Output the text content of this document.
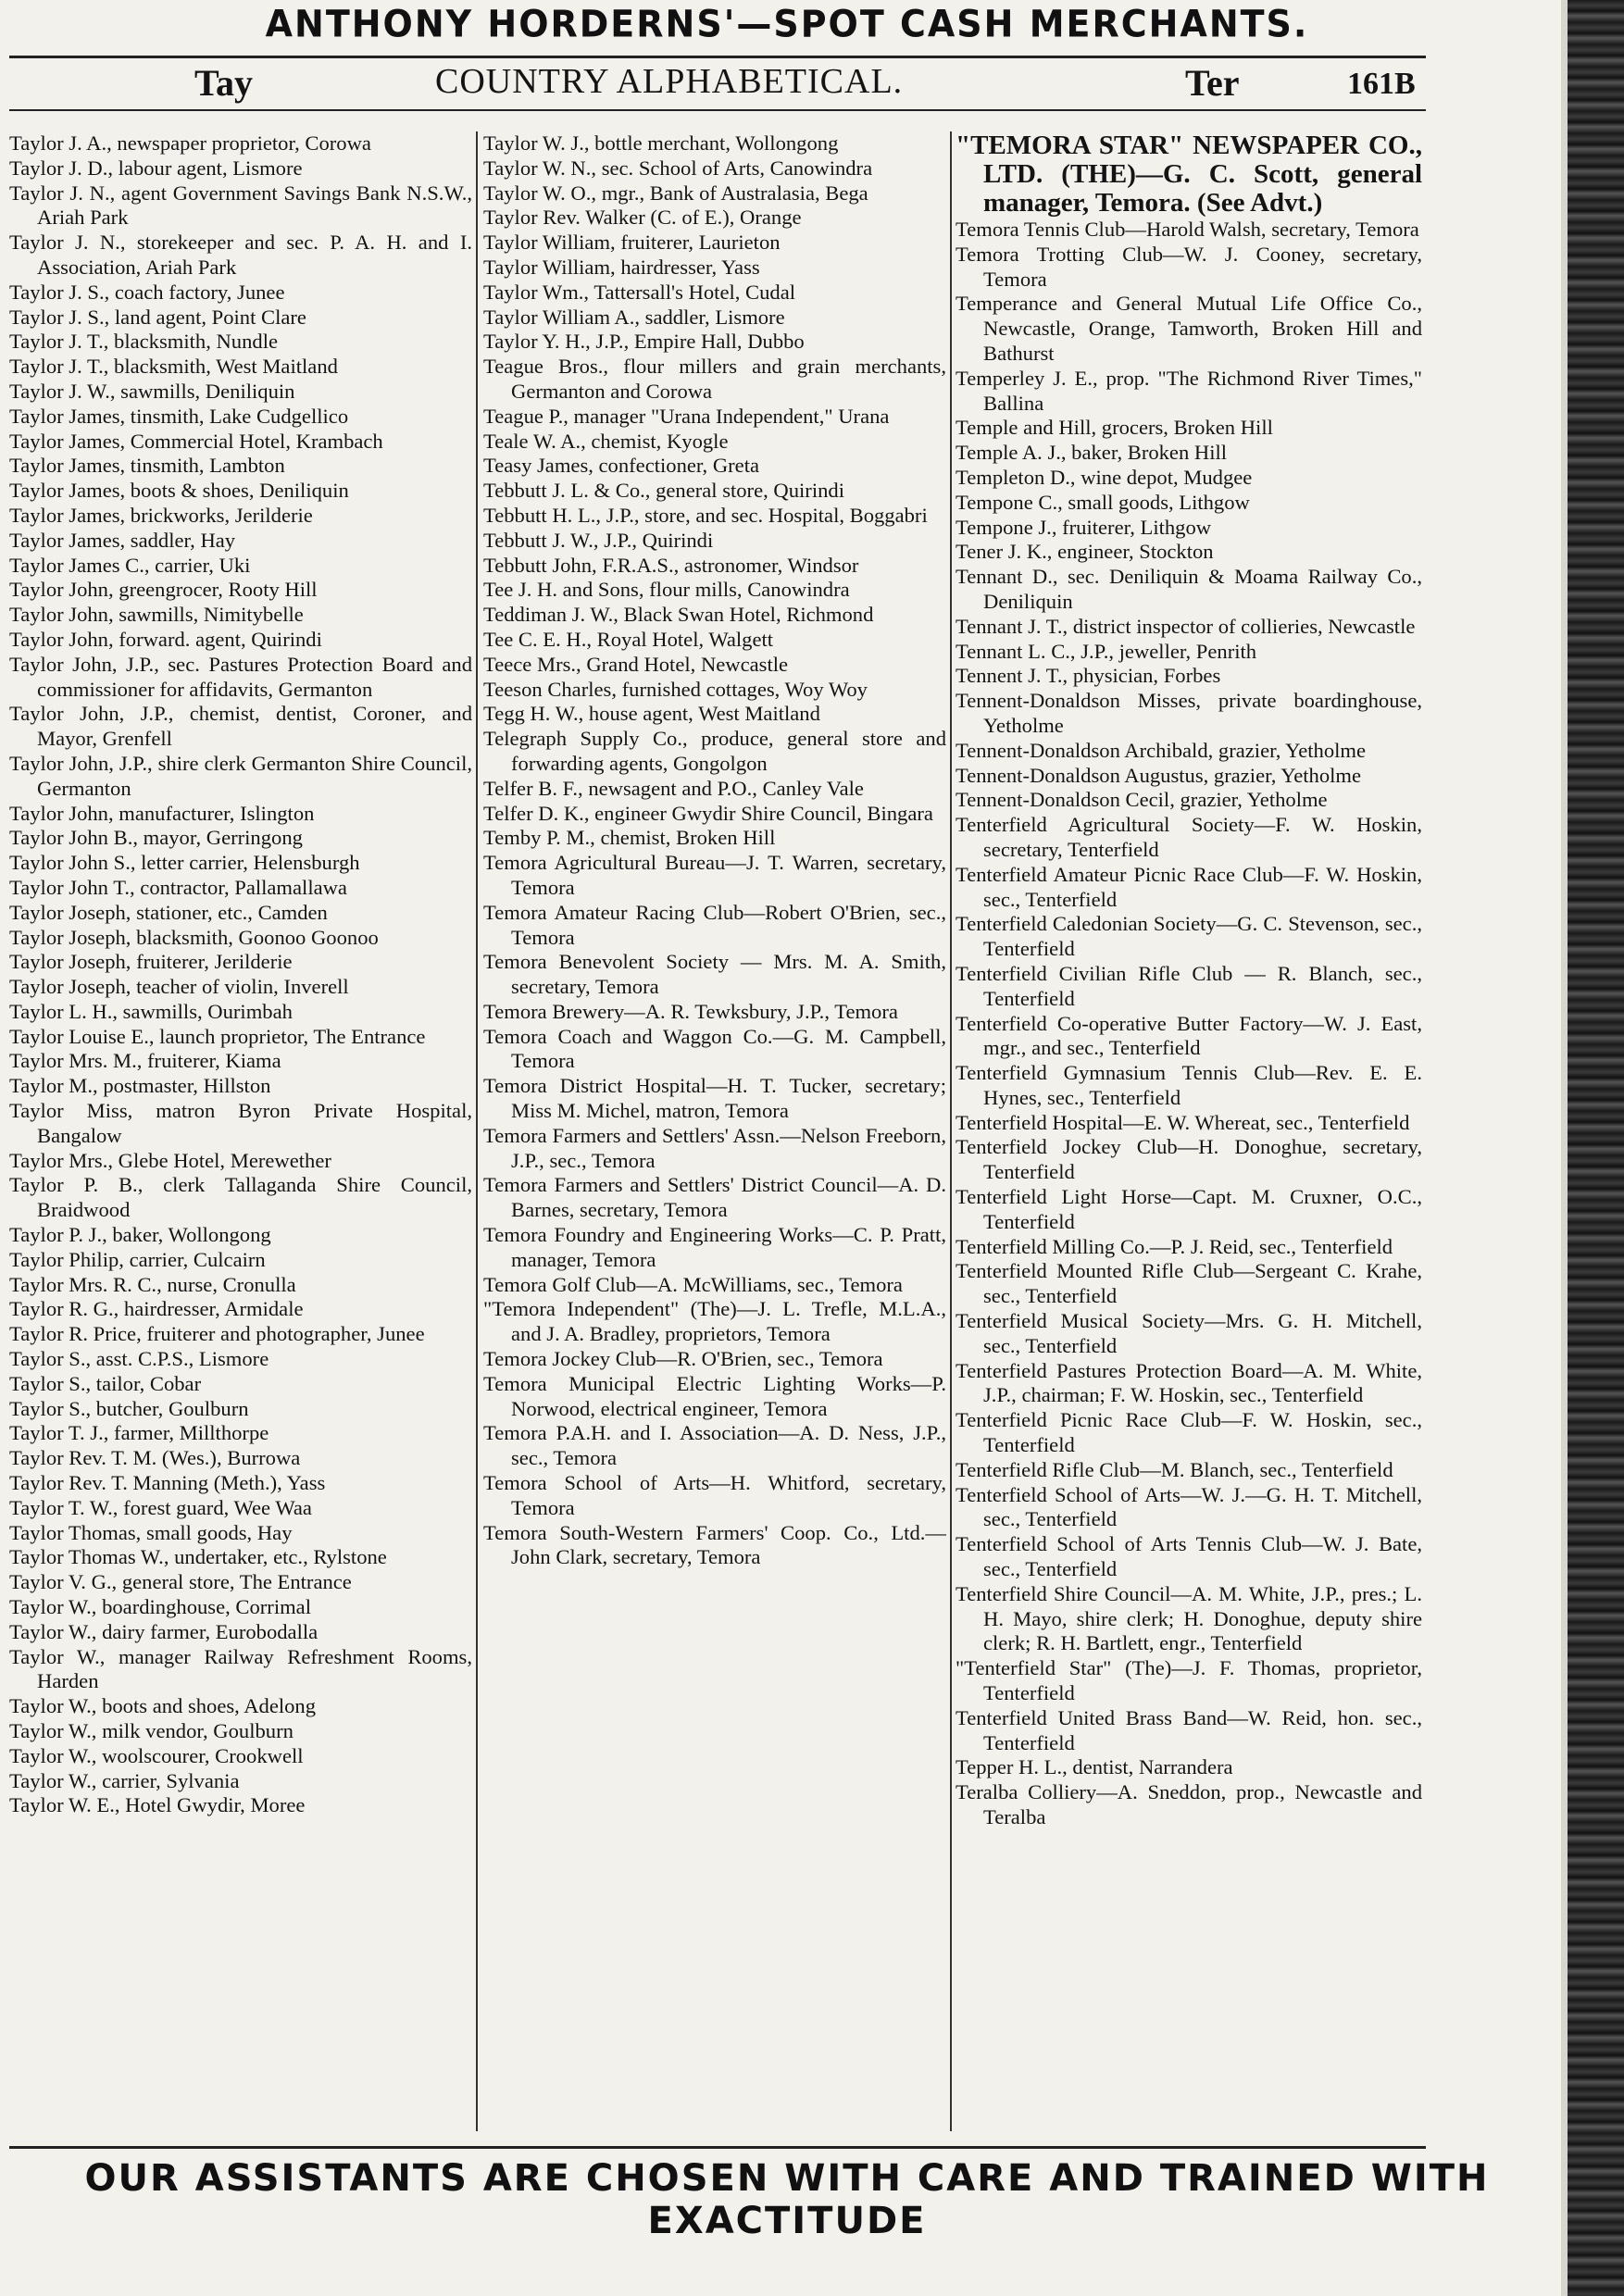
ANTHONY HORDERNS'—SPOT CASH MERCHANTS.
Tay	COUNTRY ALPHABETICAL.	Ter	161B
Taylor J. A., newspaper proprietor, Corowa
Taylor J. D., labour agent, Lismore
Taylor J. N., agent Government Savings Bank N.S.W., Ariah Park
Taylor J. N., storekeeper and sec. P. A. H. and I. Association, Ariah Park
Taylor J. S., coach factory, Junee
Taylor J. S., land agent, Point Clare
Taylor J. T., blacksmith, Nundle
Taylor J. T., blacksmith, West Maitland
Taylor J. W., sawmills, Deniliquin
Taylor James, tinsmith, Lake Cudgellico
Taylor James, Commercial Hotel, Krambach
Taylor James, tinsmith, Lambton
Taylor James, boots & shoes, Deniliquin
Taylor James, brickworks, Jerilderie
Taylor James, saddler, Hay
Taylor James C., carrier, Uki
Taylor John, greengrocer, Rooty Hill
Taylor John, sawmills, Nimitybelle
Taylor John, forward. agent, Quirindi
Taylor John, J.P., sec. Pastures Protection Board and commissioner for affidavits, Germanton
Taylor John, J.P., chemist, dentist, Coroner, and Mayor, Grenfell
Taylor John, J.P., shire clerk Germanton Shire Council, Germanton
Taylor John, manufacturer, Islington
Taylor John B., mayor, Gerringong
Taylor John S., letter carrier, Helensburgh
Taylor John T., contractor, Pallamallawa
Taylor Joseph, stationer, etc., Camden
Taylor Joseph, blacksmith, Goonoo Goonoo
Taylor Joseph, fruiterer, Jerilderie
Taylor Joseph, teacher of violin, Inverell
Taylor L. H., sawmills, Ourimbah
Taylor Louise E., launch proprietor, The Entrance
Taylor Mrs. M., fruiterer, Kiama
Taylor M., postmaster, Hillston
Taylor Miss, matron Byron Private Hospital, Bangalow
Taylor Mrs., Glebe Hotel, Merewether
Taylor P. B., clerk Tallaganda Shire Council, Braidwood
Taylor P. J., baker, Wollongong
Taylor Philip, carrier, Culcairn
Taylor Mrs. R. C., nurse, Cronulla
Taylor R. G., hairdresser, Armidale
Taylor R. Price, fruiterer and photographer, Junee
Taylor S., asst. C.P.S., Lismore
Taylor S., tailor, Cobar
Taylor S., butcher, Goulburn
Taylor T. J., farmer, Millthorpe
Taylor Rev. T. M. (Wes.), Burrowa
Taylor Rev. T. Manning (Meth.), Yass
Taylor T. W., forest guard, Wee Waa
Taylor Thomas, small goods, Hay
Taylor Thomas W., undertaker, etc., Rylstone
Taylor V. G., general store, The Entrance
Taylor W., boardinghouse, Corrimal
Taylor W., dairy farmer, Eurobodalla
Taylor W., manager Railway Refreshment Rooms, Harden
Taylor W., boots and shoes, Adelong
Taylor W., milk vendor, Goulburn
Taylor W., woolscourer, Crookwell
Taylor W., carrier, Sylvania
Taylor W. E., Hotel Gwydir, Moree
Taylor W. J., bottle merchant, Wollongong
Taylor W. N., sec. School of Arts, Canowindra
Taylor W. O., mgr., Bank of Australasia, Bega
Taylor Rev. Walker (C. of E.), Orange
Taylor William, fruiterer, Laurieton
Taylor William, hairdresser, Yass
Taylor Wm., Tattersall's Hotel, Cudal
Taylor William A., saddler, Lismore
Taylor Y. H., J.P., Empire Hall, Dubbo
Teague Bros., flour millers and grain merchants, Germanton and Corowa
Teague P., manager "Urana Independent," Urana
Teale W. A., chemist, Kyogle
Teasy James, confectioner, Greta
Tebbutt J. L. & Co., general store, Quirindi
Tebbutt H. L., J.P., store, and sec. Hospital, Boggabri
Tebbutt J. W., J.P., Quirindi
Tebbutt John, F.R.A.S., astronomer, Windsor
Tee J. H. and Sons, flour mills, Canowindra
Teddiman J. W., Black Swan Hotel, Richmond
Tee C. E. H., Royal Hotel, Walgett
Teece Mrs., Grand Hotel, Newcastle
Teeson Charles, furnished cottages, Woy Woy
Tegg H. W., house agent, West Maitland
Telegraph Supply Co., produce, general store and forwarding agents, Gongolgon
Telfer B. F., newsagent and P.O., Canley Vale
Telfer D. K., engineer Gwydir Shire Council, Bingara
Temby P. M., chemist, Broken Hill
Temora Agricultural Bureau—J. T. Warren, secretary, Temora
Temora Amateur Racing Club—Robert O'Brien, sec., Temora
Temora Benevolent Society — Mrs. M. A. Smith, secretary, Temora
Temora Brewery—A. R. Tewksbury, J.P., Temora
Temora Coach and Waggon Co.—G. M. Campbell, Temora
Temora District Hospital—H. T. Tucker, secretary; Miss M. Michel, matron, Temora
Temora Farmers and Settlers' Assn.—Nelson Freeborn, J.P., sec., Temora
Temora Farmers and Settlers' District Council—A. D. Barnes, secretary, Temora
Temora Foundry and Engineering Works—C. P. Pratt, manager, Temora
Temora Golf Club—A. McWilliams, sec., Temora
"Temora Independent" (The)—J. L. Trefle, M.L.A., and J. A. Bradley, proprietors, Temora
Temora Jockey Club—R. O'Brien, sec., Temora
Temora Municipal Electric Lighting Works—P. Norwood, electrical engineer, Temora
Temora P.A.H. and I. Association—A. D. Ness, J.P., sec., Temora
Temora School of Arts—H. Whitford, secretary, Temora
Temora South-Western Farmers' Coop. Co., Ltd.—John Clark, secretary, Temora
"TEMORA STAR" NEWSPAPER CO., LTD. (THE)—G. C. Scott, general manager, Temora. (See Advt.)
Temora Tennis Club—Harold Walsh, secretary, Temora
Temora Trotting Club—W. J. Cooney, secretary, Temora
Temperance and General Mutual Life Office Co., Newcastle, Orange, Tamworth, Broken Hill and Bathurst
Temperley J. E., prop. "The Richmond River Times," Ballina
Temple and Hill, grocers, Broken Hill
Temple A. J., baker, Broken Hill
Templeton D., wine depot, Mudgee
Tempone C., small goods, Lithgow
Tempone J., fruiterer, Lithgow
Tener J. K., engineer, Stockton
Tennant D., sec. Deniliquin & Moama Railway Co., Deniliquin
Tennant J. T., district inspector of collieries, Newcastle
Tennant L. C., J.P., jeweller, Penrith
Tennent J. T., physician, Forbes
Tennent-Donaldson Misses, private boardinghouse, Yetholme
Tennent-Donaldson Archibald, grazier, Yetholme
Tennent-Donaldson Augustus, grazier, Yetholme
Tennent-Donaldson Cecil, grazier, Yetholme
Tenterfield Agricultural Society—F. W. Hoskin, secretary, Tenterfield
Tenterfield Amateur Picnic Race Club—F. W. Hoskin, sec., Tenterfield
Tenterfield Caledonian Society—G. C. Stevenson, sec., Tenterfield
Tenterfield Civilian Rifle Club — R. Blanch, sec., Tenterfield
Tenterfield Co-operative Butter Factory—W. J. East, mgr., and sec., Tenterfield
Tenterfield Gymnasium Tennis Club—Rev. E. E. Hynes, sec., Tenterfield
Tenterfield Hospital—E. W. Whereat, sec., Tenterfield
Tenterfield Jockey Club—H. Donoghue, secretary, Tenterfield
Tenterfield Light Horse—Capt. M. Cruxner, O.C., Tenterfield
Tenterfield Milling Co.—P. J. Reid, sec., Tenterfield
Tenterfield Mounted Rifle Club—Sergeant C. Krahe, sec., Tenterfield
Tenterfield Musical Society—Mrs. G. H. Mitchell, sec., Tenterfield
Tenterfield Pastures Protection Board—A. M. White, J.P., chairman; F. W. Hoskin, sec., Tenterfield
Tenterfield Picnic Race Club—F. W. Hoskin, sec., Tenterfield
Tenterfield Rifle Club—M. Blanch, sec., Tenterfield
Tenterfield School of Arts—W. J.—G. H. T. Mitchell, sec., Tenterfield
Tenterfield School of Arts Tennis Club—W. J. Bate, sec., Tenterfield
Tenterfield Shire Council—A. M. White, J.P., pres.; L. H. Mayo, shire clerk; H. Donoghue, deputy shire clerk; R. H. Bartlett, engr., Tenterfield
"Tenterfield Star" (The)—J. F. Thomas, proprietor, Tenterfield
Tenterfield United Brass Band—W. Reid, hon. sec., Tenterfield
Tepper H. L., dentist, Narrandera
Teralba Colliery—A. Sneddon, prop., Newcastle and Teralba
OUR ASSISTANTS ARE CHOSEN WITH CARE AND TRAINED WITH EXACTITUDE
